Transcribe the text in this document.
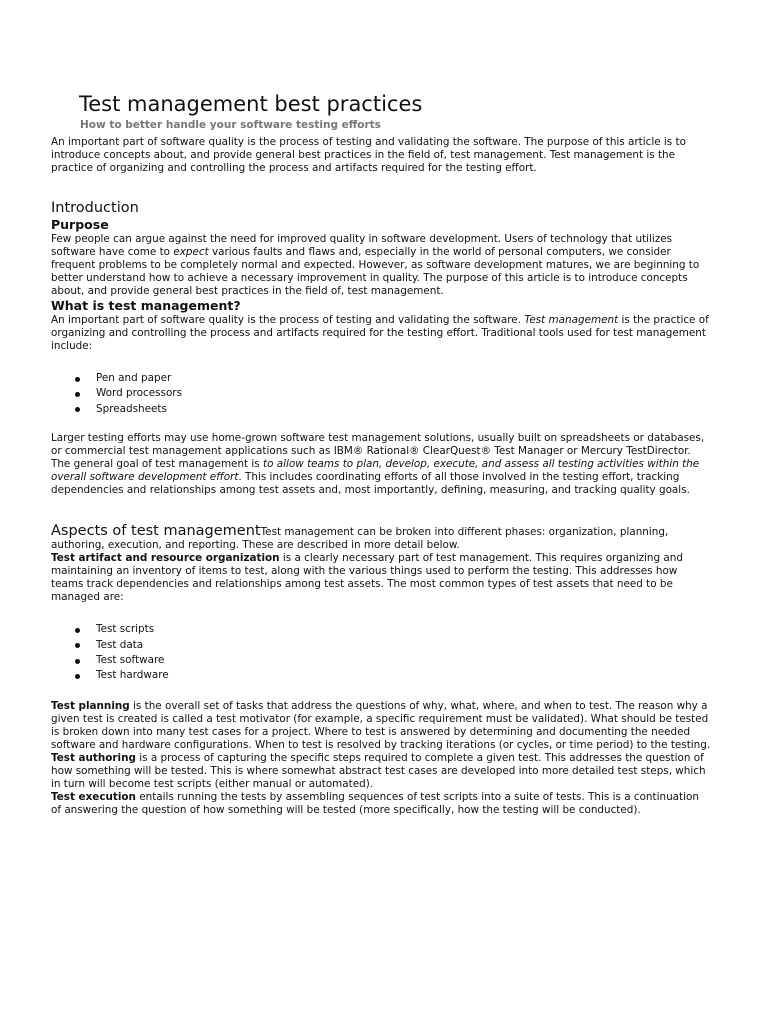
Test management best practices
How to better handle your software testing efforts

An important part of software quality is the process of testing and validating the software. The purpose of this article is to introduce concepts about, and provide general best practices in the field of, test management. Test management is the practice of organizing and controlling the process and artifacts required for the testing effort.

Introduction
Purpose

Few people can argue against the need for improved quality in software development. Users of technology that utilizes software have come to expect various faults and flaws and, especially in the world of personal computers, we consider frequent problems to be completely normal and expected. However, as software development matures, we are beginning to better understand how to achieve a necessary improvement in quality. The purpose of this article is to introduce concepts about, and provide general best practices in the field of, test management.

What is test management?

An important part of software quality is the process of testing and validating the software. Test management is the practice of organizing and controlling the process and artifacts required for the testing effort. Traditional tools used for test management include:

Pen and paper
Word processors
Spreadsheets

Larger testing efforts may use home-grown software test management solutions, usually built on spreadsheets or databases, or commercial test management applications such as IBM® Rational® ClearQuest® Test Manager or Mercury TestDirector.

The general goal of test management is to allow teams to plan, develop, execute, and assess all testing activities within the overall software development effort. This includes coordinating efforts of all those involved in the testing effort, tracking dependencies and relationships among test assets and, most importantly, defining, measuring, and tracking quality goals.

Aspects of test managementTest management can be broken into different phases: organization, planning, authoring, execution, and reporting. These are described in more detail below.

Test artifact and resource organization is a clearly necessary part of test management. This requires organizing and maintaining an inventory of items to test, along with the various things used to perform the testing. This addresses how teams track dependencies and relationships among test assets. The most common types of test assets that need to be managed are:

Test scripts
Test data
Test software
Test hardware

Test planning is the overall set of tasks that address the questions of why, what, where, and when to test. The reason why a given test is created is called a test motivator (for example, a specific requirement must be validated). What should be tested is broken down into many test cases for a project. Where to test is answered by determining and documenting the needed software and hardware configurations. When to test is resolved by tracking iterations (or cycles, or time period) to the testing.

Test authoring is a process of capturing the specific steps required to complete a given test. This addresses the question of how something will be tested. This is where somewhat abstract test cases are developed into more detailed test steps, which in turn will become test scripts (either manual or automated).

Test execution entails running the tests by assembling sequences of test scripts into a suite of tests. This is a continuation of answering the question of how something will be tested (more specifically, how the testing will be conducted).
